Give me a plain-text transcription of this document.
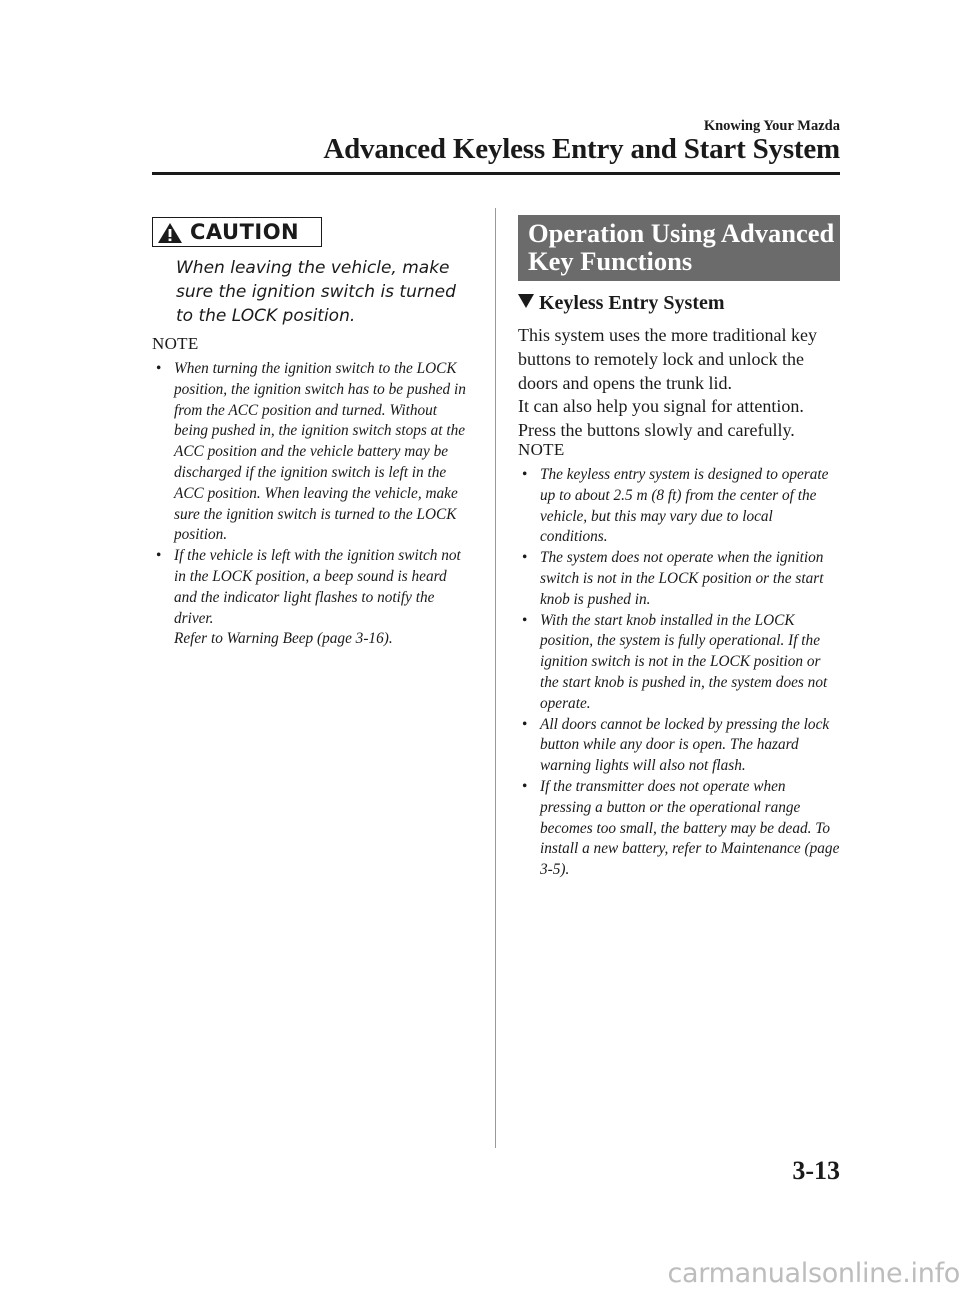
Knowing Your Mazda
Advanced Keyless Entry and Start System
CAUTION
When leaving the vehicle, make sure the ignition switch is turned to the LOCK position.
NOTE
• When turning the ignition switch to the LOCK position, the ignition switch has to be pushed in from the ACC position and turned. Without being pushed in, the ignition switch stops at the ACC position and the vehicle battery may be discharged if the ignition switch is left in the ACC position. When leaving the vehicle, make sure the ignition switch is turned to the LOCK position.
• If the vehicle is left with the ignition switch not in the LOCK position, a beep sound is heard and the indicator light flashes to notify the driver.
Refer to Warning Beep (page 3-16).
Operation Using Advanced Key Functions
Keyless Entry System
This system uses the more traditional key buttons to remotely lock and unlock the doors and opens the trunk lid.
It can also help you signal for attention. Press the buttons slowly and carefully.
NOTE
• The keyless entry system is designed to operate up to about 2.5 m (8 ft) from the center of the vehicle, but this may vary due to local conditions.
• The system does not operate when the ignition switch is not in the LOCK position or the start knob is pushed in.
• With the start knob installed in the LOCK position, the system is fully operational. If the ignition switch is not in the LOCK position or the start knob is pushed in, the system does not operate.
• All doors cannot be locked by pressing the lock button while any door is open. The hazard warning lights will also not flash.
• If the transmitter does not operate when pressing a button or the operational range becomes too small, the battery may be dead. To install a new battery, refer to Maintenance (page 3-5).
3-13
carmanualsonline.info
